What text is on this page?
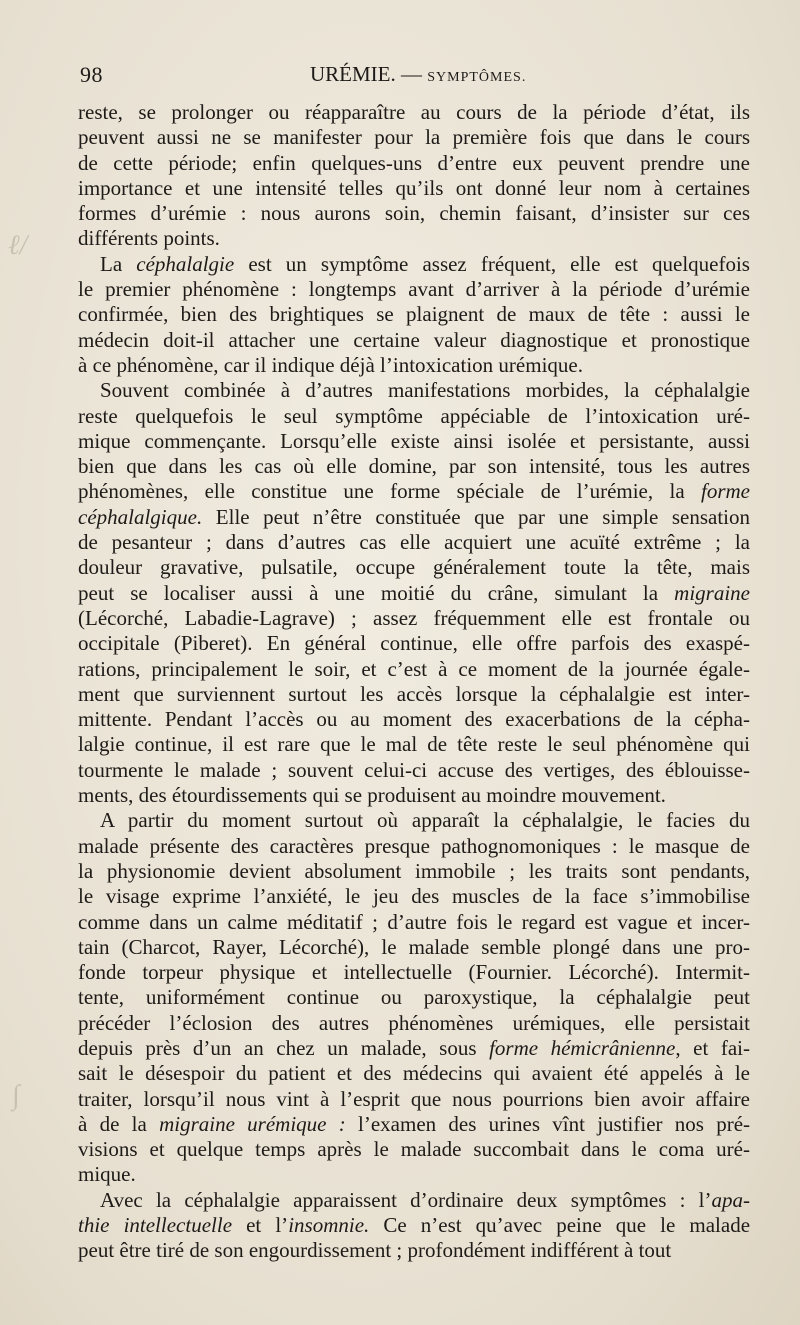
98	URÉMIE. — SYMPTÔMES.
reste, se prolonger ou réapparaître au cours de la période d’état, ils
peuvent aussi ne se manifester pour la première fois que dans le cours
de cette période; enfin quelques-uns d’entre eux peuvent prendre une
importance et une intensité telles qu’ils ont donné leur nom à certaines
formes d’urémie : nous aurons soin, chemin faisant, d’insister sur ces
différents points.
La céphalalgie est un symptôme assez fréquent, elle est quelquefois
le premier phénomène : longtemps avant d’arriver à la période d’urémie
confirmée, bien des brightiques se plaignent de maux de tête : aussi le
médecin doit-il attacher une certaine valeur diagnostique et pronostique
à ce phénomène, car il indique déjà l’intoxication urémique.
Souvent combinée à d’autres manifestations morbides, la céphalalgie
reste quelquefois le seul symptôme appéciable de l’intoxication uré-
mique commençante. Lorsqu’elle existe ainsi isolée et persistante, aussi
bien que dans les cas où elle domine, par son intensité, tous les autres
phénomènes, elle constitue une forme spéciale de l’urémie, la forme
céphalalgique. Elle peut n’être constituée que par une simple sensation
de pesanteur ; dans d’autres cas elle acquiert une acuïté extrême ; la
douleur gravative, pulsatile, occupe généralement toute la tête, mais
peut se localiser aussi à une moitié du crâne, simulant la migraine
(Lécorché, Labadie-Lagrave) ; assez fréquemment elle est frontale ou
occipitale (Piberet). En général continue, elle offre parfois des exaspé-
rations, principalement le soir, et c’est à ce moment de la journée égale-
ment que surviennent surtout les accès lorsque la céphalalgie est inter-
mittente. Pendant l’accès ou au moment des exacerbations de la cépha-
lalgie continue, il est rare que le mal de tête reste le seul phénomène qui
tourmente le malade ; souvent celui-ci accuse des vertiges, des éblouisse-
ments, des étourdissements qui se produisent au moindre mouvement.
A partir du moment surtout où apparaît la céphalalgie, le facies du
malade présente des caractères presque pathognomoniques : le masque de
la physionomie devient absolument immobile ; les traits sont pendants,
le visage exprime l’anxiété, le jeu des muscles de la face s’immobilise
comme dans un calme méditatif ; d’autre fois le regard est vague et incer-
tain (Charcot, Rayer, Lécorché), le malade semble plongé dans une pro-
fonde torpeur physique et intellectuelle (Fournier. Lécorché). Intermit-
tente, uniformément continue ou paroxystique, la céphalalgie peut
précéder l’éclosion des autres phénomènes urémiques, elle persistait
depuis près d’un an chez un malade, sous forme hémicrânienne, et fai-
sait le désespoir du patient et des médecins qui avaient été appelés à le
traiter, lorsqu’il nous vint à l’esprit que nous pourrions bien avoir affaire
à de la migraine urémique : l’examen des urines vînt justifier nos pré-
visions et quelque temps après le malade succombait dans le coma uré-
mique.
Avec la céphalalgie apparaissent d’ordinaire deux symptômes : l’apa-
thie intellectuelle et l’insomnie. Ce n’est qu’avec peine que le malade
peut être tiré de son engourdissement ; profondément indifférent à tout
ℓ/
∫
